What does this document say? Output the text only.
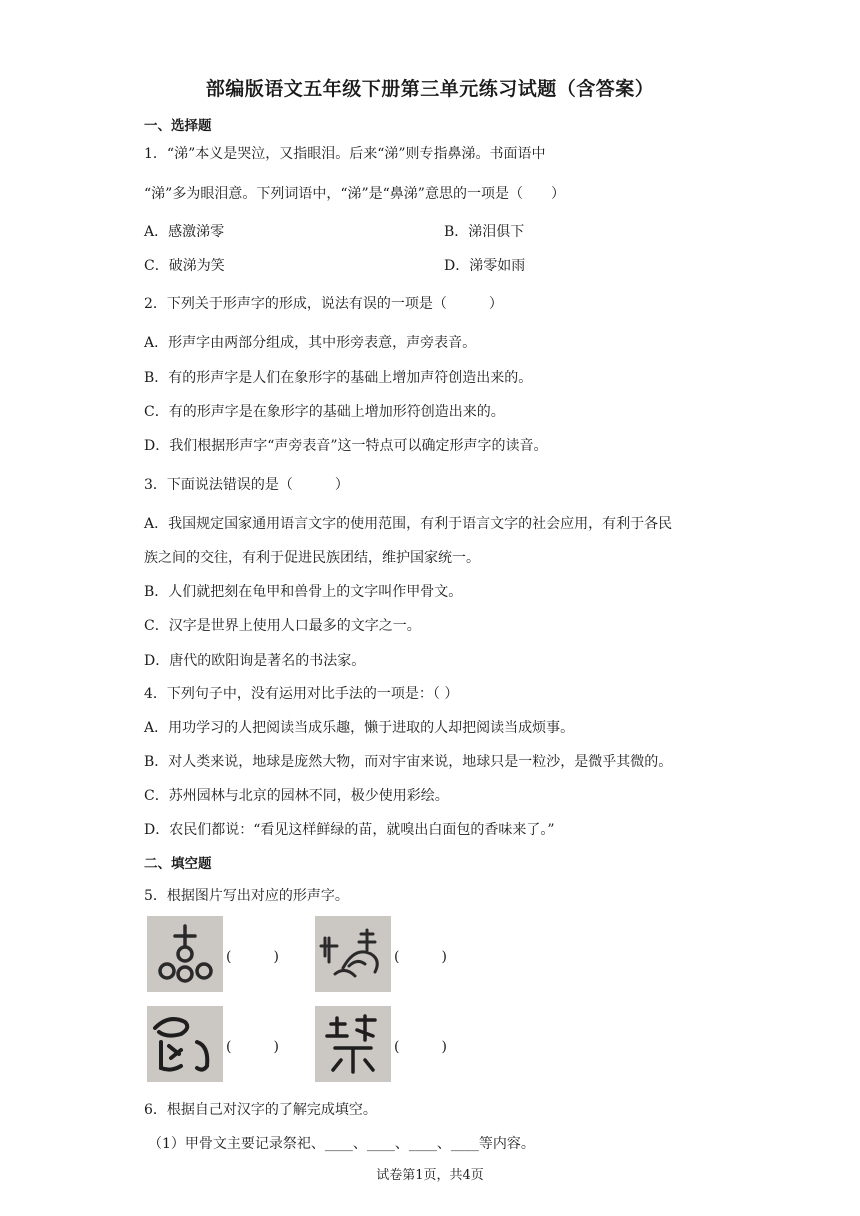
部编版语文五年级下册第三单元练习试题（含答案）
一、选择题
1．“涕”本义是哭泣，又指眼泪。后来“涕”则专指鼻涕。书面语中
“涕”多为眼泪意。下列词语中，“涕”是“鼻涕”意思的一项是（　　）
A．感激涕零	B．涕泪俱下
C．破涕为笑	D．涕零如雨
2．下列关于形声字的形成，说法有误的一项是（　　　）
A．形声字由两部分组成，其中形旁表意，声旁表音。
B．有的形声字是人们在象形字的基础上增加声符创造出来的。
C．有的形声字是在象形字的基础上增加形符创造出来的。
D．我们根据形声字“声旁表音”这一特点可以确定形声字的读音。
3．下面说法错误的是（　　　）
A．我国规定国家通用语言文字的使用范围，有利于语言文字的社会应用，有利于各民
族之间的交往，有利于促进民族团结，维护国家统一。
B．人们就把刻在龟甲和兽骨上的文字叫作甲骨文。
C．汉字是世界上使用人口最多的文字之一。
D．唐代的欧阳询是著名的书法家。
4．下列句子中，没有运用对比手法的一项是：（ ）
A．用功学习的人把阅读当成乐趣，懒于进取的人却把阅读当成烦事。
B．对人类来说，地球是庞然大物，而对宇宙来说，地球只是一粒沙，是微乎其微的。
C．苏州园林与北京的园林不同，极少使用彩绘。
D．农民们都说：“看见这样鲜绿的苗，就嗅出白面包的香味来了。”
二、填空题
5．根据图片写出对应的形声字。
(　　　)	(　　　)
(　　　)	(　　　)
6．根据自己对汉字的了解完成填空。
（1）甲骨文主要记录祭祀、____、____、____、____等内容。
试卷第1页，共4页
